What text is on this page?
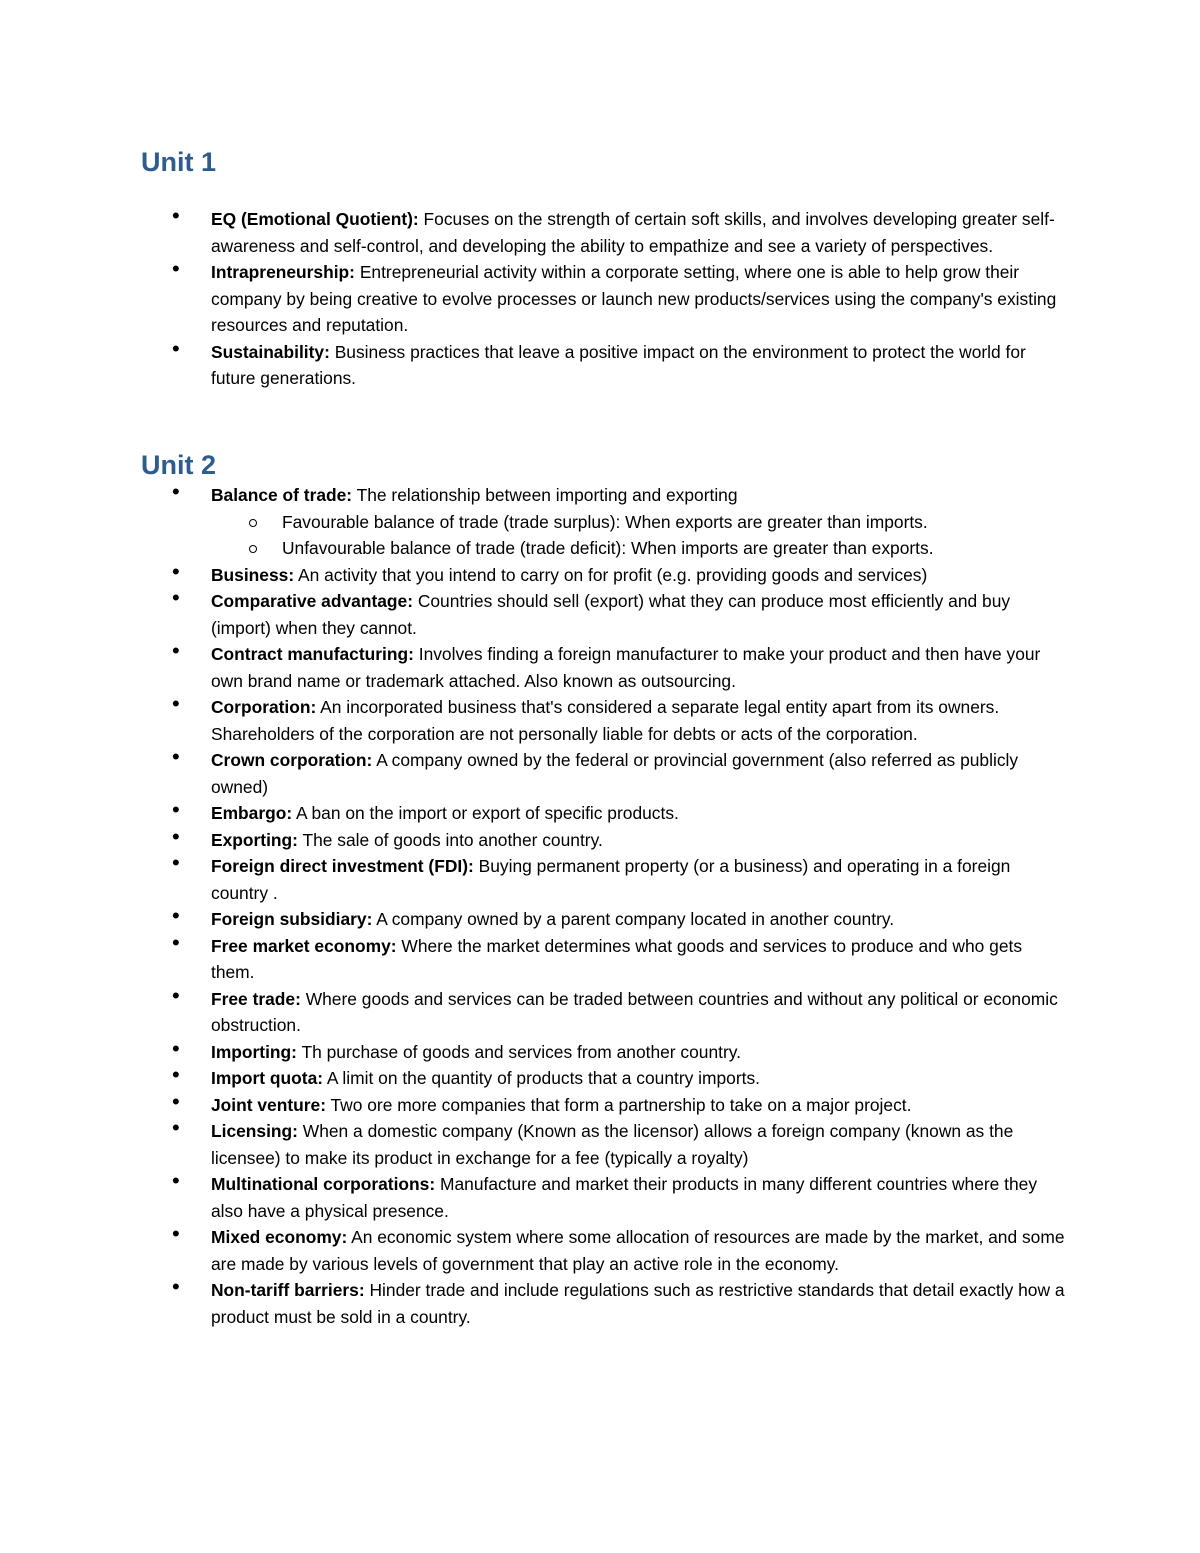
Unit 1
• EQ (Emotional Quotient): Focuses on the strength of certain soft skills, and involves developing greater self-awareness and self-control, and developing the ability to empathize and see a variety of perspectives.
• Intrapreneurship: Entrepreneurial activity within a corporate setting, where one is able to help grow their company by being creative to evolve processes or launch new products/services using the company's existing resources and reputation.
• Sustainability: Business practices that leave a positive impact on the environment to protect the world for future generations.
Unit 2
• Balance of trade: The relationship between importing and exporting
Favourable balance of trade (trade surplus): When exports are greater than imports.
Unfavourable balance of trade (trade deficit): When imports are greater than exports.
• Business: An activity that you intend to carry on for profit (e.g. providing goods and services)
• Comparative advantage: Countries should sell (export) what they can produce most efficiently and buy (import) when they cannot.
• Contract manufacturing: Involves finding a foreign manufacturer to make your product and then have your own brand name or trademark attached. Also known as outsourcing.
• Corporation: An incorporated business that's considered a separate legal entity apart from its owners. Shareholders of the corporation are not personally liable for debts or acts of the corporation.
• Crown corporation: A company owned by the federal or provincial government (also referred as publicly owned)
• Embargo: A ban on the import or export of specific products.
• Exporting: The sale of goods into another country.
• Foreign direct investment (FDI): Buying permanent property (or a business) and operating in a foreign country .
• Foreign subsidiary: A company owned by a parent company located in another country.
• Free market economy: Where the market determines what goods and services to produce and who gets them.
• Free trade: Where goods and services can be traded between countries and without any political or economic obstruction.
• Importing: Th purchase of goods and services from another country.
• Import quota: A limit on the quantity of products that a country imports.
• Joint venture: Two ore more companies that form a partnership to take on a major project.
• Licensing: When a domestic company (Known as the licensor) allows a foreign company (known as the licensee) to make its product in exchange for a fee (typically a royalty)
• Multinational corporations: Manufacture and market their products in many different countries where they also have a physical presence.
• Mixed economy: An economic system where some allocation of resources are made by the market, and some are made by various levels of government that play an active role in the economy.
• Non-tariff barriers: Hinder trade and include regulations such as restrictive standards that detail exactly how a product must be sold in a country.
